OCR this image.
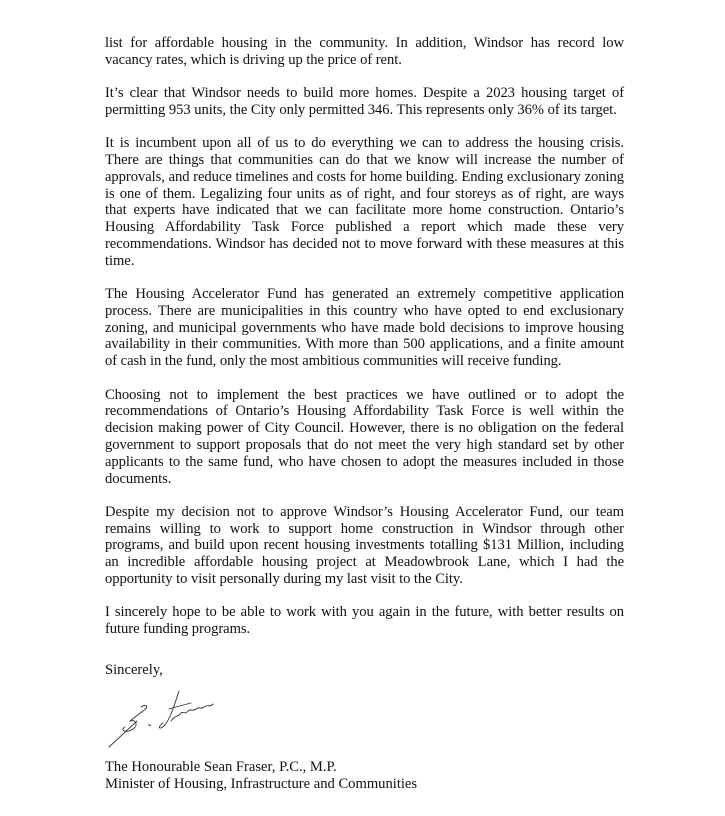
list for affordable housing in the community. In addition, Windsor has record low vacancy rates, which is driving up the price of rent.

It’s clear that Windsor needs to build more homes. Despite a 2023 housing target of permitting 953 units, the City only permitted 346. This represents only 36% of its target.

It is incumbent upon all of us to do everything we can to address the housing crisis. There are things that communities can do that we know will increase the number of approvals, and reduce timelines and costs for home building. Ending exclusionary zoning is one of them. Legalizing four units as of right, and four storeys as of right, are ways that experts have indicated that we can facilitate more home construction. Ontario’s Housing Affordability Task Force published a report which made these very recommendations. Windsor has decided not to move forward with these measures at this time.

The Housing Accelerator Fund has generated an extremely competitive application process. There are municipalities in this country who have opted to end exclusionary zoning, and municipal governments who have made bold decisions to improve housing availability in their communities. With more than 500 applications, and a finite amount of cash in the fund, only the most ambitious communities will receive funding.

Choosing not to implement the best practices we have outlined or to adopt the recommendations of Ontario’s Housing Affordability Task Force is well within the decision making power of City Council. However, there is no obligation on the federal government to support proposals that do not meet the very high standard set by other applicants to the same fund, who have chosen to adopt the measures included in those documents.

Despite my decision not to approve Windsor’s Housing Accelerator Fund, our team remains willing to work to support home construction in Windsor through other programs, and build upon recent housing investments totalling $131 Million, including an incredible affordable housing project at Meadowbrook Lane, which I had the opportunity to visit personally during my last visit to the City.

I sincerely hope to be able to work with you again in the future, with better results on future funding programs.

Sincerely,

The Honourable Sean Fraser, P.C., M.P.

Minister of Housing, Infrastructure and Communities
